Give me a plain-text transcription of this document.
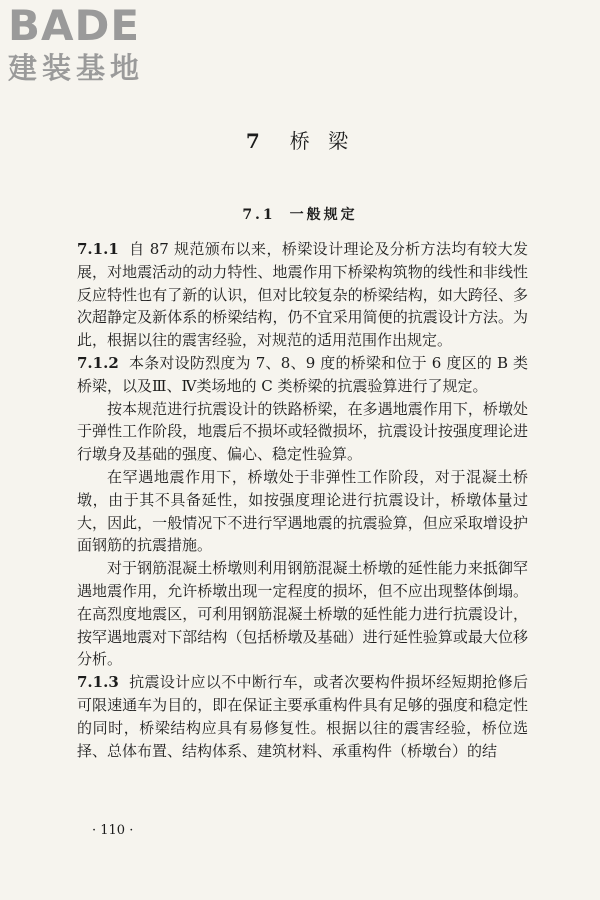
BADE
建装基地
7 桥 梁
7.1 一般规定

7.1.1 自 87 规范颁布以来，桥梁设计理论及分析方法均有较大发展，对地震活动的动力特性、地震作用下桥梁构筑物的线性和非线性反应特性也有了新的认识，但对比较复杂的桥梁结构，如大跨径、多次超静定及新体系的桥梁结构，仍不宜采用简便的抗震设计方法。为此，根据以往的震害经验，对规范的适用范围作出规定。

7.1.2 本条对设防烈度为 7、8、9 度的桥梁和位于 6 度区的 B 类桥梁，以及Ⅲ、Ⅳ类场地的 C 类桥梁的抗震验算进行了规定。

按本规范进行抗震设计的铁路桥梁，在多遇地震作用下，桥墩处于弹性工作阶段，地震后不损坏或轻微损坏，抗震设计按强度理论进行墩身及基础的强度、偏心、稳定性验算。

在罕遇地震作用下，桥墩处于非弹性工作阶段，对于混凝土桥墩，由于其不具备延性，如按强度理论进行抗震设计，桥墩体量过大，因此，一般情况下不进行罕遇地震的抗震验算，但应采取增设护面钢筋的抗震措施。

对于钢筋混凝土桥墩则利用钢筋混凝土桥墩的延性能力来抵御罕遇地震作用，允许桥墩出现一定程度的损坏，但不应出现整体倒塌。在高烈度地震区，可利用钢筋混凝土桥墩的延性能力进行抗震设计，按罕遇地震对下部结构（包括桥墩及基础）进行延性验算或最大位移分析。

7.1.3 抗震设计应以不中断行车，或者次要构件损坏经短期抢修后可限速通车为目的，即在保证主要承重构件具有足够的强度和稳定性的同时，桥梁结构应具有易修复性。根据以往的震害经验，桥位选择、总体布置、结构体系、建筑材料、承重构件（桥墩台）的结

· 110 ·
